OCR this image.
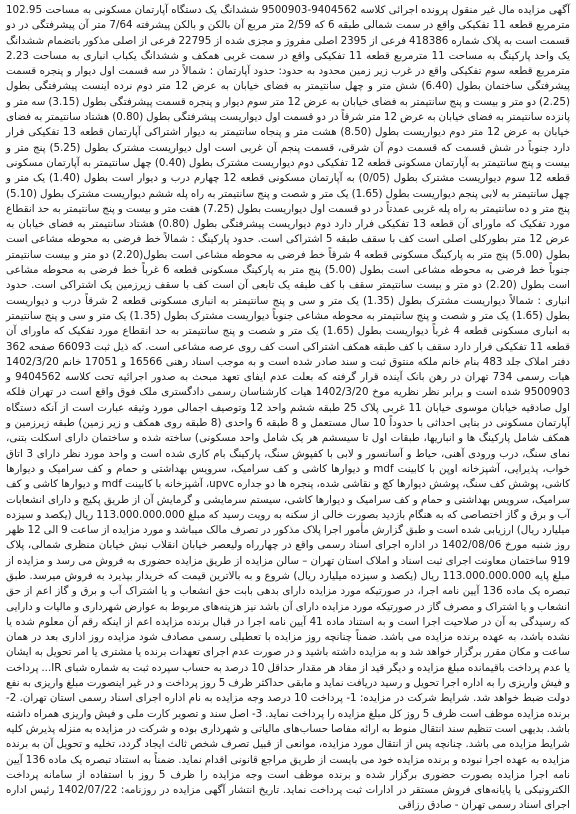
آگهی مزایده مال غیر منقول پرونده اجرائی کلاسه 9404562-9500903 ششدانگ یک دستگاه آپارتمان مسکونی به مساحت 102.95 مترمربع قطعه 11 تفکیکی واقع در سمت شمالی طبقه 6 که 2/59 متر مربع آن بالکن و بالکن پیشرفته 7/64 متر آن پیشرفتگی در دو قسمت است به پلاک شماره 418386 فرعی از 2395 اصلی مفروز و مجزی شده از 22795 فرعی از اصلی مذکور باتضمام ششدانگ یک واحد پارکینگ به مساحت 11 مترمربع قطعه 11 تفکیکی واقع در سمت غربی همکف و ششدانگ یکباب انباری به مساحت 2.23 مترمربع قطعه سوم تفکیکی واقع در غرب زیر زمین محدود به حدود: حدود آپارتمان : شمالاً در سه قسمت اول دیوار و پنجره قسمت پیشرفتگی ساختمان بطول (6.40) شش متر و چهل سانتیمتر به فضای خیابان به عرض 12 متر دوم نرده اینست پیشرفتگی بطول (2.25) دو متر و بیست و پنج سانتیمتر به فضای خیابان به عرض 12 متر سوم دیوار و پنجره قسمت پیشرفتگی بطول (3.15) سه متر و پانزده سانتیمتر به فضای خیابان به عرض 12 متر شرقاً در دو قسمت اول دیواریست پیشرفتگی بطول (0.80) هشتاد سانتیمتر به فضای خیابان به عرض 12 متر دوم دیواریست بطول (8.50) هشت متر و پنجاه سانتیمتر به دیوار اشتراکی آپارتمان قطعه 13 تفکیکی فرار دارد جنوباً در شش قسمت که قسمت دوم آن شرقی، قسمت پنجم آن غربی است اول دیواریست مشترک بطول (5.25) پنج متر و بیست و پنج سانتیمتر به آپارتمان مسکونی قطعه 12 تفکیکی دوم دیواریست مشترک بطول (0.40) چهل سانتیمتر به آپارتمان مسکونی قطعه 12 سوم دیواریست مشترک بطول (0/05) به آپارتمان مسکونی قطعه 12 چهارم درب و دیوار است بطول (1.40) یک متر و چهل سانتیمتر به لابی پنجم دیواریست بطول (1.65) یک متر و شصت و پنج سانتیمتر به راه پله ششم دیواریست مشترک بطول (5.10) پنج متر و ده سانتیمتر به راه پله غربی عمدتاً در دو قسمت اول دیواریست بطول (7.25) هفت متر و بیست و پنج سانتیمتر به حد انقطاع مورد تفکیک که ماورای آن قطعه 13 تفکیکی فرار دارد دوم دیواریست پیشرفتگی بطول (0.80) هشتاد سانتیمتر به فضای خیابان به عرض 12 متر بطورکلی اصلی است کف با سقف طبقه 5 اشتراکی است. حدود پارکینگ : شمالاً خط فرضی به محوطه مشاعی است بطول (5.00) پنج متر به پارکینگ مسکونی قطعه 4 شرقاً خط فرضی به محوطه مشاعی است بطول(2.20) دو متر و بیست سانتیمتر جنوباً خط فرضی به محوطه مشاعی است بطول (5.00) پنج متر به پارکینگ مسکونی قطعه 6 غرباً خط فرضی به محوطه مشاعی است بطول (2.20) دو متر و بیست سانتیمتر سقف با کف طبقه یک تابعی آن است کف با سقف زیرزمین یک اشتراکی است. حدود انباری : شمالاً دیواریست مشترک بطول (1.35) یک متر و سی و پنج سانتیمتر به انباری مسکونی قطعه 2 شرقاً درب و دیواریست بطول (1.65) یک متر و شصت و پنج سانتیمتر به محوطه مشاعی جنوباً دیواریست مشترک بطول (1.35) یک متر و سی و پنج سانتیمتر به انباری مسکونی قطعه 4 غرباً دیواریست بطول (1.65) یک متر و شصت و پنج سانتیمتر به حد انقطاع مورد تفکیک که ماورای آن قطعه 11 تفکیکی فرار دارد سقف با کف طبقه همکف اشتراکی است کف روی عرصه مشاعی است. که ذیل ثبت 66093 صفحه 362 دفتر املاک جلد 483 بنام خانم ملکه منتوق ثبت و سند صادر شده است و به موجب اسناد رهنی 16566 و 17051 خانم 1402/3/20 هیات رسمی 734 تهران در رهن بانک آینده قرار گرفته که بعلت عدم ایفای تعهد مبحث به صدور اجرائیه تحت کلاسه 9404562 و 9500903 شده است و برابر نظر نظریه موخ 1402/3/20 هیات کارشناسان رسمی دادگستری ملک فوق واقع است در تهران فلکه اول صادقیه خیابان موسوی خیابان 11 غربی پلاک 25 طبقه ششم واحد 12 وتوصیف اجمالی مورد وثیقه عبارت است از آنکه دستگاه آپارتمان مسکونی در بنایی احداثی با حدوداً 10 سال مستعمل و 8 طبقه 6 واحدی (8 طبقه روی همکف و زیر زمین) طبقه زیرزمین و همکف شامل پارکینگ ها و انباریها، طبقات اول تا سیسشم هر یک شامل واحد مسکونی) ساخته شده و ساختمان دارای اسکلت بتنی، نمای سنگ، درب ورودی آهنی، حیاط و آسانسور و لابی با کفپوش سنگ، پارکینگ بام کاری شده است و واحد مورد نظر دارای 3 اتاق خواب، پذیرایی، آشپزخانه اوپن با کابینت mdf و دیوارها کاشی و کف سرامیک، سرویس بهداشتی و حمام و کف سرامیک و دیوارها کاشی، پوشش کف سنگ، پوشش دیوارها کچ و نقاشی شده، پنجره ها دو جداره upvc، آشپزخانه با کابینت mdf و دیوارها کاشی و کف سرامیک، سرویس بهداشتی و حمام و کف سرامیک و دیوارها کاشی، سیستم سرمایشی و گرمایش آن از طریق پکیج و دارای انشعابات آب و برق و گاز اختصاصی که به هنگام بازدید بصورت خالی از سکنه به رویت رسید که مبلغ 113.000.000.000 ریال (یکصد و سیزده میلیارد ریال) ارزیابی شده است و طبق گزارش مأمور اجرا پلاک مذکور در تصرف مالک میباشد و مورد مزایده از ساعت 9 الی 12 ظهر روز شنبه مورخ 1402/08/06 در اداره اجرای اسناد رسمی واقع در چهارراه ولیعصر خیابان انقلاب نبش خیابان منظری شمالی، پلاک 919 ساختمان معاونت اجرای ثبت اسناد و املاک استان تهران – سالن مزایده از طریق مزایده حضوری به فروش می رسد و مزایده از مبلغ پایه 113.000.000.000 ریال (یکصد و سیزده میلیارد ریال) شروع و به بالاترین قیمت که خریدار بپذیرد به فروش میرسد. طبق تبصره یک ماده 136 آیین نامه اجرا، در صورتیکه مورد مزایده دارای بدهی بابت حق انشعاب و یا اشتراک آب و برق و گاز اعم از حق انشعاب و یا اشتراک و مصرف گاز در صورتیکه مورد مزایده دارای آن باشد نیز هزینه‌های مربوط به عوارض شهرداری و مالیات و دارایی که رسیدگی به آن در صلاحیت اجرا است و به استناد ماده 41 آیین نامه اجرا در قبال برنده مزایده اعم از اینکه رقم آن معلوم شده یا نشده باشد، به عهده برنده مزایده می باشد. ضمناً چنانچه روز مزایده با تعطیلی رسمی مصادف شود مزایده روز اداری بعد در همان ساعت و مکان مقرر برگزار خواهد شد و به مزایده داشته باشید و در صورت عدم اجرای تعهدات برنده یا مشتری یا امر تحویل به ایشان یا عدم پرداخت باقیمانده مبلغ مزایده و دیگر قید از مفاد هر مقدار حداقل 10 درصد به حساب سپرده ثبت به شماره شبای IR... پرداخت و فیش واریزی را به اداره اجرا تحویل و رسید دریافت نماید و مابقی حداکثر ظرف 5 روز پرداخت و در غیر اینصورت مبلغ واریزی به نفع دولت ضبط خواهد شد. شرایط شرکت در مزایده: 1- پرداخت 10 درصد وجه مزایده به نام اداره اجرای اسناد رسمی استان تهران. 2- برنده مزایده موظف است ظرف 5 روز کل مبلغ مزایده را پرداخت نماید. 3- اصل سند و تصویر کارت ملی و فیش واریزی همراه داشته باشد. بدیهی است تنظیم سند انتقال منوط به ارائه مفاصا حساب‌های مالیاتی و شهرداری بوده و شرکت در مزایده به منزله پذیرش کلیه شرایط مزایده می باشد. چنانچه پس از انتقال مورد مزایده، موانعی از قبیل تصرف شخص ثالث ایجاد گردد، تخلیه و تحویل آن به برنده مزایده به عهده اجرا نبوده و برنده مزایده خود می بایست از طریق مراجع قانونی اقدام نماید. ضمناً به استناد تبصره یک ماده 136 آیین نامه اجرا مزایده بصورت حضوری برگزار شده و برنده موظف است وجه مزایده را ظرف 5 روز با استفاده از سامانه پرداخت الکترونیکی یا پایانه‌های فروش مستقر در ادارات ثبت پرداخت نماید. تاریخ انتشار آگهی مزایده در روزنامه: 1402/07/22 رئیس اداره اجرای اسناد رسمی تهران - صادق رزاقی
